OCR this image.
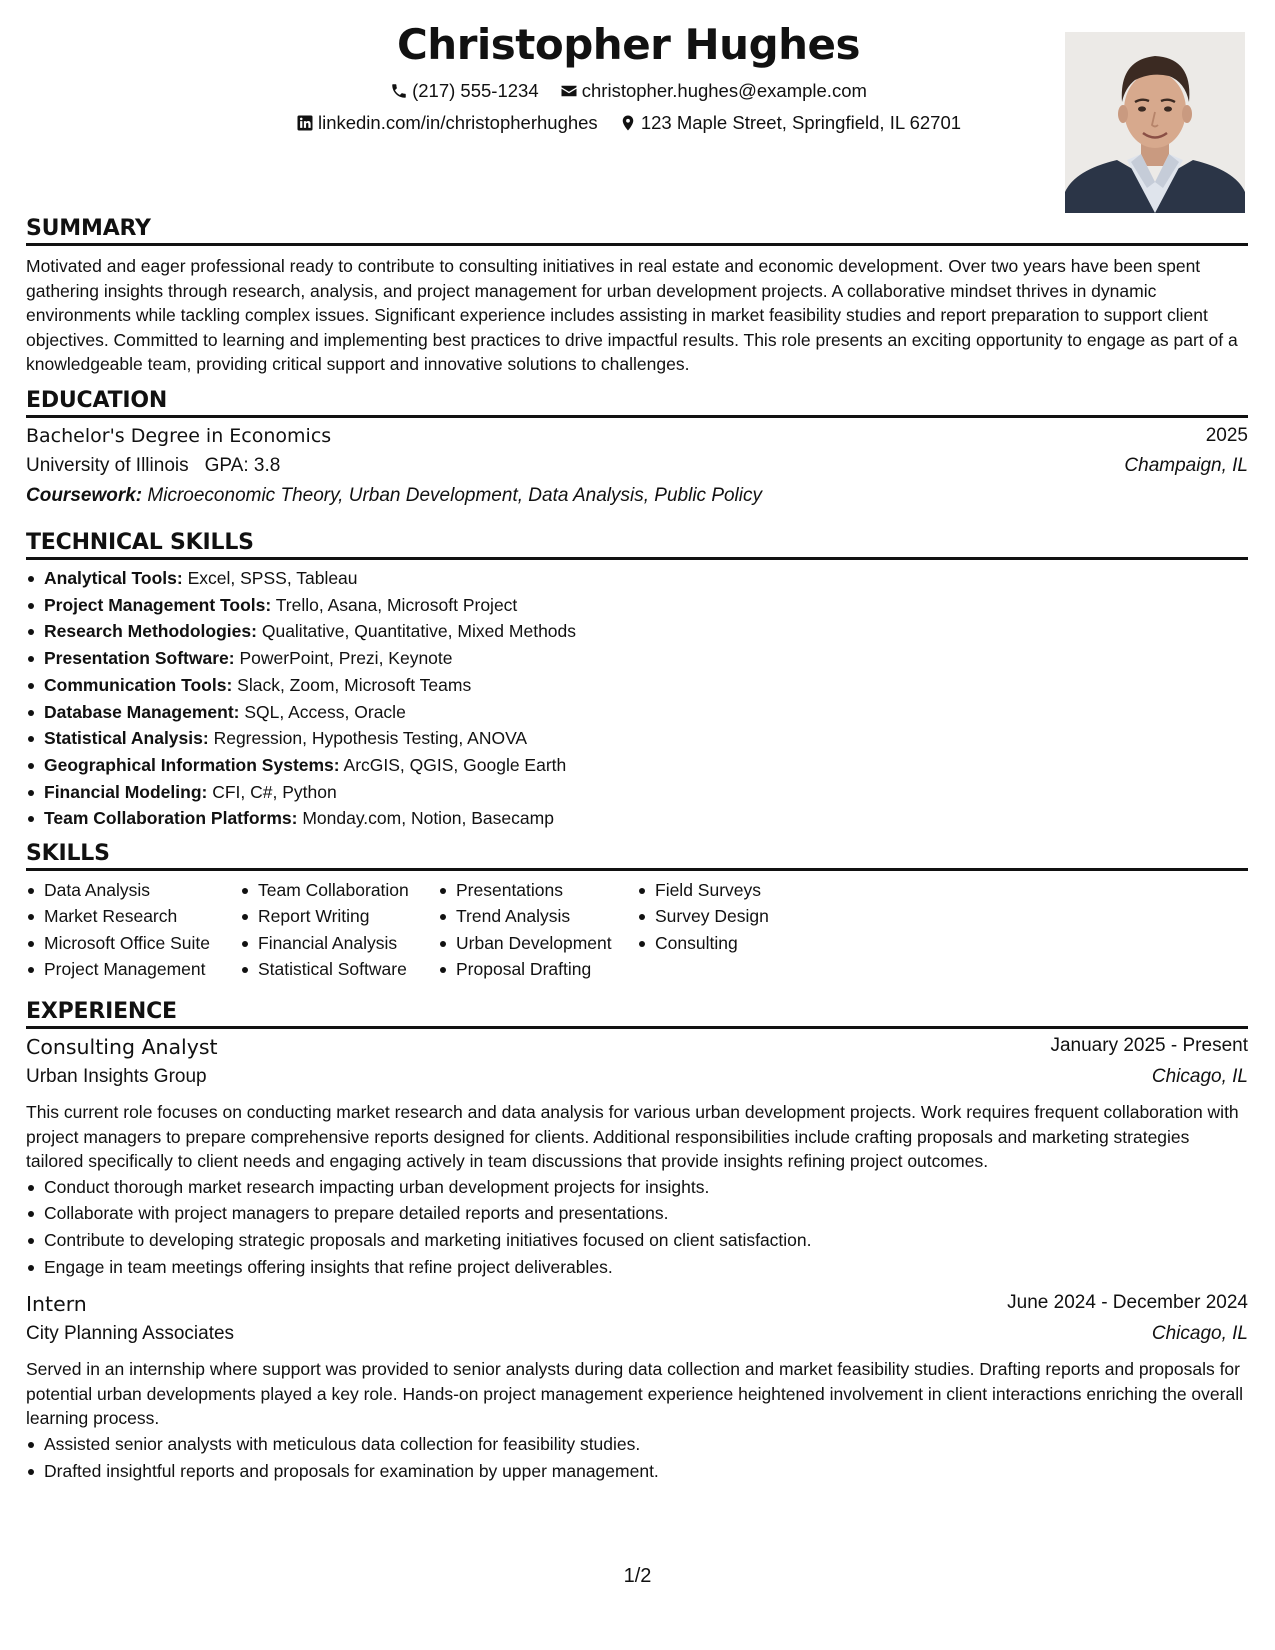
Christopher Hughes
(217) 555-1234
christopher.hughes@example.com
linkedin.com/in/christopherhughes
123 Maple Street, Springfield, IL 62701
SUMMARY

Motivated and eager professional ready to contribute to consulting initiatives in real estate and economic development. Over two years have been spent gathering insights through research, analysis, and project management for urban development projects. A collaborative mindset thrives in dynamic environments while tackling complex issues. Significant experience includes assisting in market feasibility studies and report preparation to support client objectives. Committed to learning and implementing best practices to drive impactful results. This role presents an exciting opportunity to engage as part of a knowledgeable team, providing critical support and innovative solutions to challenges.

EDUCATION
Bachelor's Degree in Economics	2025
University of Illinois GPA: 3.8	Champaign, IL
Coursework: Microeconomic Theory, Urban Development, Data Analysis, Public Policy
TECHNICAL SKILLS
Analytical Tools: Excel, SPSS, Tableau
Project Management Tools: Trello, Asana, Microsoft Project
Research Methodologies: Qualitative, Quantitative, Mixed Methods
Presentation Software: PowerPoint, Prezi, Keynote
Communication Tools: Slack, Zoom, Microsoft Teams
Database Management: SQL, Access, Oracle
Statistical Analysis: Regression, Hypothesis Testing, ANOVA
Geographical Information Systems: ArcGIS, QGIS, Google Earth
Financial Modeling: CFI, C#, Python
Team Collaboration Platforms: Monday.com, Notion, Basecamp
SKILLS
Data Analysis
Market Research
Microsoft Office Suite
Project Management
Team Collaboration
Report Writing
Financial Analysis
Statistical Software
Presentations
Trend Analysis
Urban Development
Proposal Drafting
Field Surveys
Survey Design
Consulting
EXPERIENCE
Consulting Analyst	January 2025 - Present
Urban Insights Group	Chicago, IL

This current role focuses on conducting market research and data analysis for various urban development projects. Work requires frequent collaboration with project managers to prepare comprehensive reports designed for clients. Additional responsibilities include crafting proposals and marketing strategies tailored specifically to client needs and engaging actively in team discussions that provide insights refining project outcomes.

Conduct thorough market research impacting urban development projects for insights.
Collaborate with project managers to prepare detailed reports and presentations.
Contribute to developing strategic proposals and marketing initiatives focused on client satisfaction.
Engage in team meetings offering insights that refine project deliverables.
Intern	June 2024 - December 2024
City Planning Associates	Chicago, IL

Served in an internship where support was provided to senior analysts during data collection and market feasibility studies. Drafting reports and proposals for potential urban developments played a key role. Hands-on project management experience heightened involvement in client interactions enriching the overall learning process.

Assisted senior analysts with meticulous data collection for feasibility studies.
Drafted insightful reports and proposals for examination by upper management.
1/2
